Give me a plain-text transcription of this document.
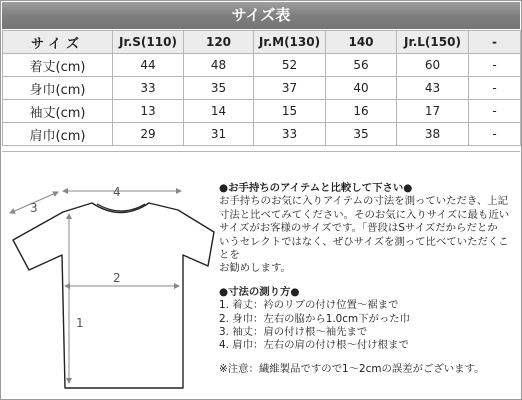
サイズ表
サイズ	Jr.S(110)	120	Jr.M(130)	140	Jr.L(150)	-
着丈(cm)	44	48	52	56	60	-
身巾(cm)	33	35	37	40	43	-
袖丈(cm)	13	14	15	16	17	-
肩巾(cm)	29	31	33	35	38	-
1
2
3
4	●お手持ちのアイテムと比較して下さい●

お手持ちのお気に入りアイテムの寸法を測っていただき、上記

寸法と比べてみてください。そのお気に入りサイズに最も近い

サイズがお客様のサイズです。「普段はSサイズだからだとか

いうセレクトではなく、ぜひサイズを測って比べていただくことを

お勧めします。

●寸法の測り方●

1. 着丈：衿のリブの付け位置～裾まで
2. 身巾：左右の脇から1.0cm下がった巾
3. 袖丈：肩の付け根～袖先まで
4. 肩巾：左右の肩の付け根～付け根まで

※注意：繊維製品ですので1～2cmの誤差がございます。
